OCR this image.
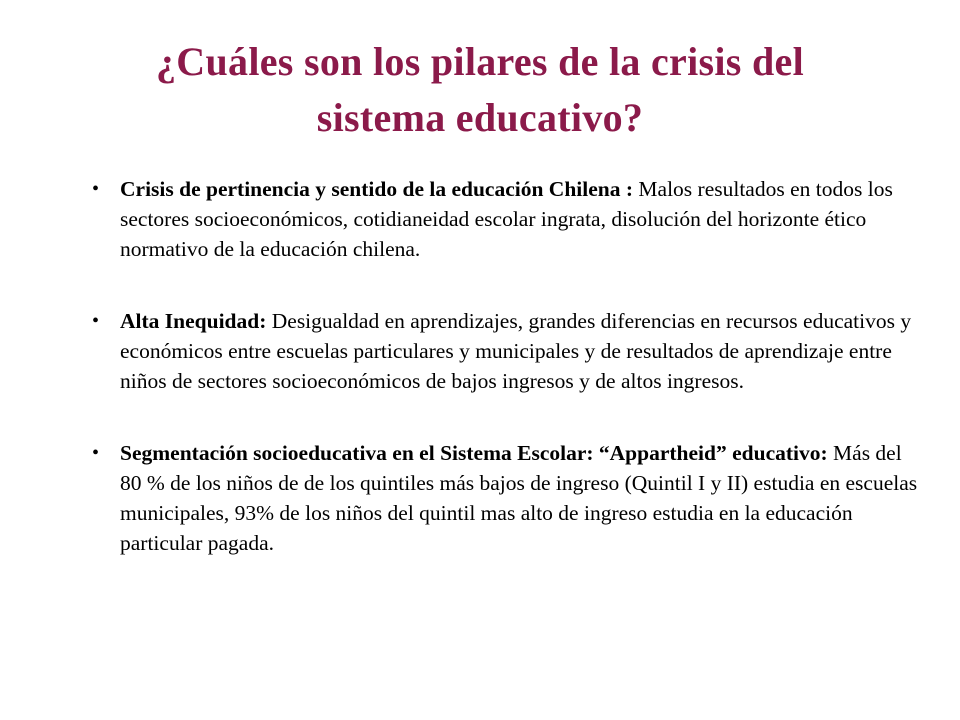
¿Cuáles son los pilares de la crisis del
sistema educativo?
• Crisis de pertinencia y sentido de la educación Chilena : Malos resultados en todos los sectores socioeconómicos, cotidianeidad escolar ingrata, disolución del horizonte ético normativo de la educación chilena.
• Alta Inequidad: Desigualdad en aprendizajes, grandes diferencias en recursos educativos y económicos entre escuelas particulares y municipales y de resultados de aprendizaje entre niños de sectores socioeconómicos de bajos ingresos y de altos ingresos.
• Segmentación socioeducativa en el Sistema Escolar: “Appartheid” educativo: Más del 80 % de los niños de de los quintiles más bajos de ingreso (Quintil I y II) estudia en escuelas municipales, 93% de los niños del quintil mas alto de ingreso estudia en la educación particular pagada.
